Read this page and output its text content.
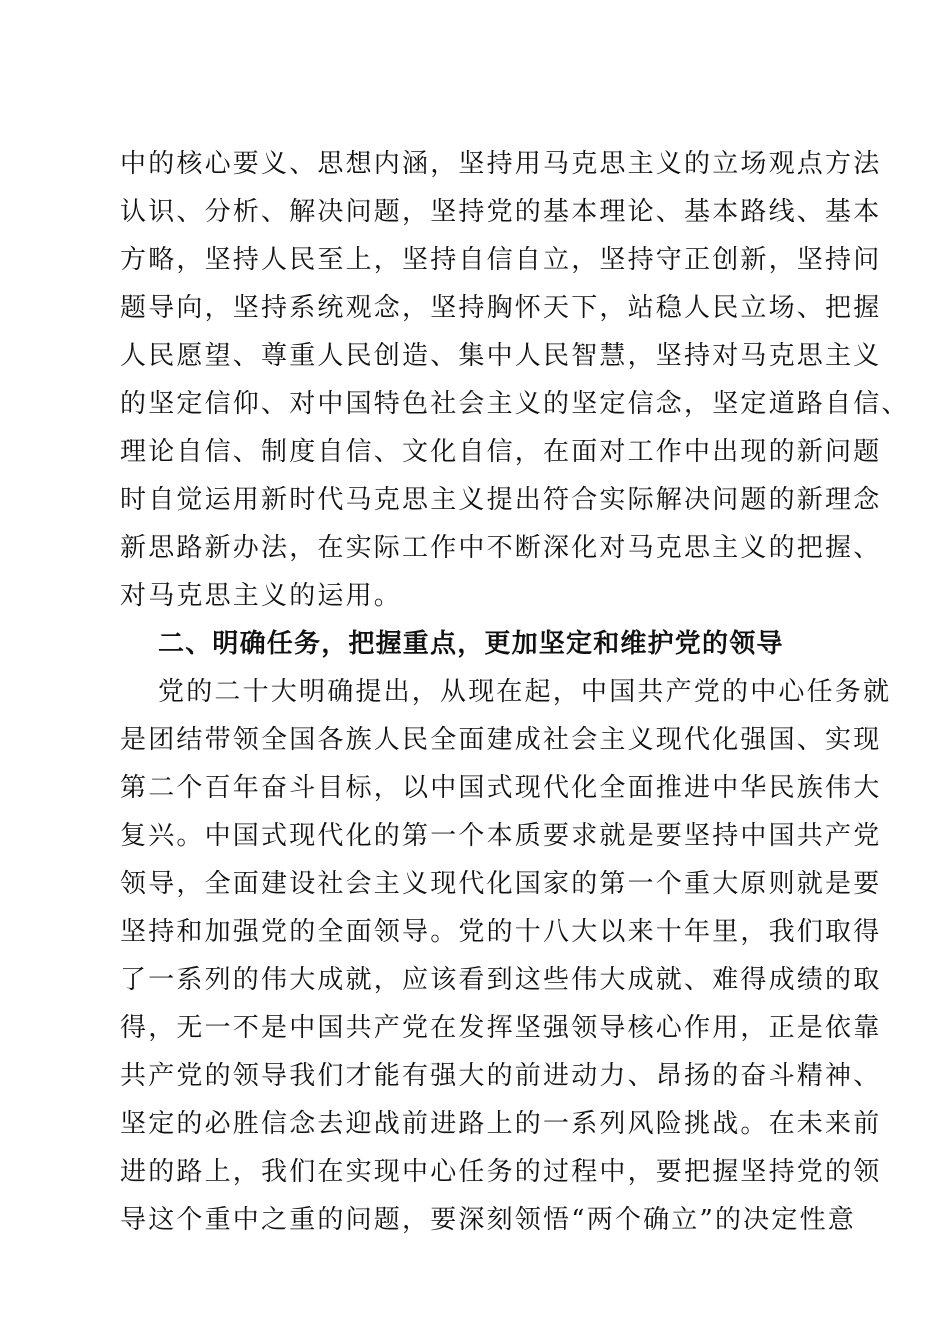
中的核心要义、思想内涵，坚持用马克思主义的立场观点方法
认识、分析、解决问题，坚持党的基本理论、基本路线、基本
方略，坚持人民至上，坚持自信自立，坚持守正创新，坚持问
题导向，坚持系统观念，坚持胸怀天下，站稳人民立场、把握
人民愿望、尊重人民创造、集中人民智慧，坚持对马克思主义
的坚定信仰、对中国特色社会主义的坚定信念，坚定道路自信、
理论自信、制度自信、文化自信，在面对工作中出现的新问题
时自觉运用新时代马克思主义提出符合实际解决问题的新理念
新思路新办法，在实际工作中不断深化对马克思主义的把握、
对马克思主义的运用。
二、明确任务，把握重点，更加坚定和维护党的领导
党的二十大明确提出，从现在起，中国共产党的中心任务就
是团结带领全国各族人民全面建成社会主义现代化强国、实现
第二个百年奋斗目标，以中国式现代化全面推进中华民族伟大
复兴。中国式现代化的第一个本质要求就是要坚持中国共产党
领导，全面建设社会主义现代化国家的第一个重大原则就是要
坚持和加强党的全面领导。党的十八大以来十年里，我们取得
了一系列的伟大成就，应该看到这些伟大成就、难得成绩的取
得，无一不是中国共产党在发挥坚强领导核心作用，正是依靠
共产党的领导我们才能有强大的前进动力、昂扬的奋斗精神、
坚定的必胜信念去迎战前进路上的一系列风险挑战。在未来前
进的路上，我们在实现中心任务的过程中，要把握坚持党的领
导这个重中之重的问题，要深刻领悟“两个确立”的决定性意
